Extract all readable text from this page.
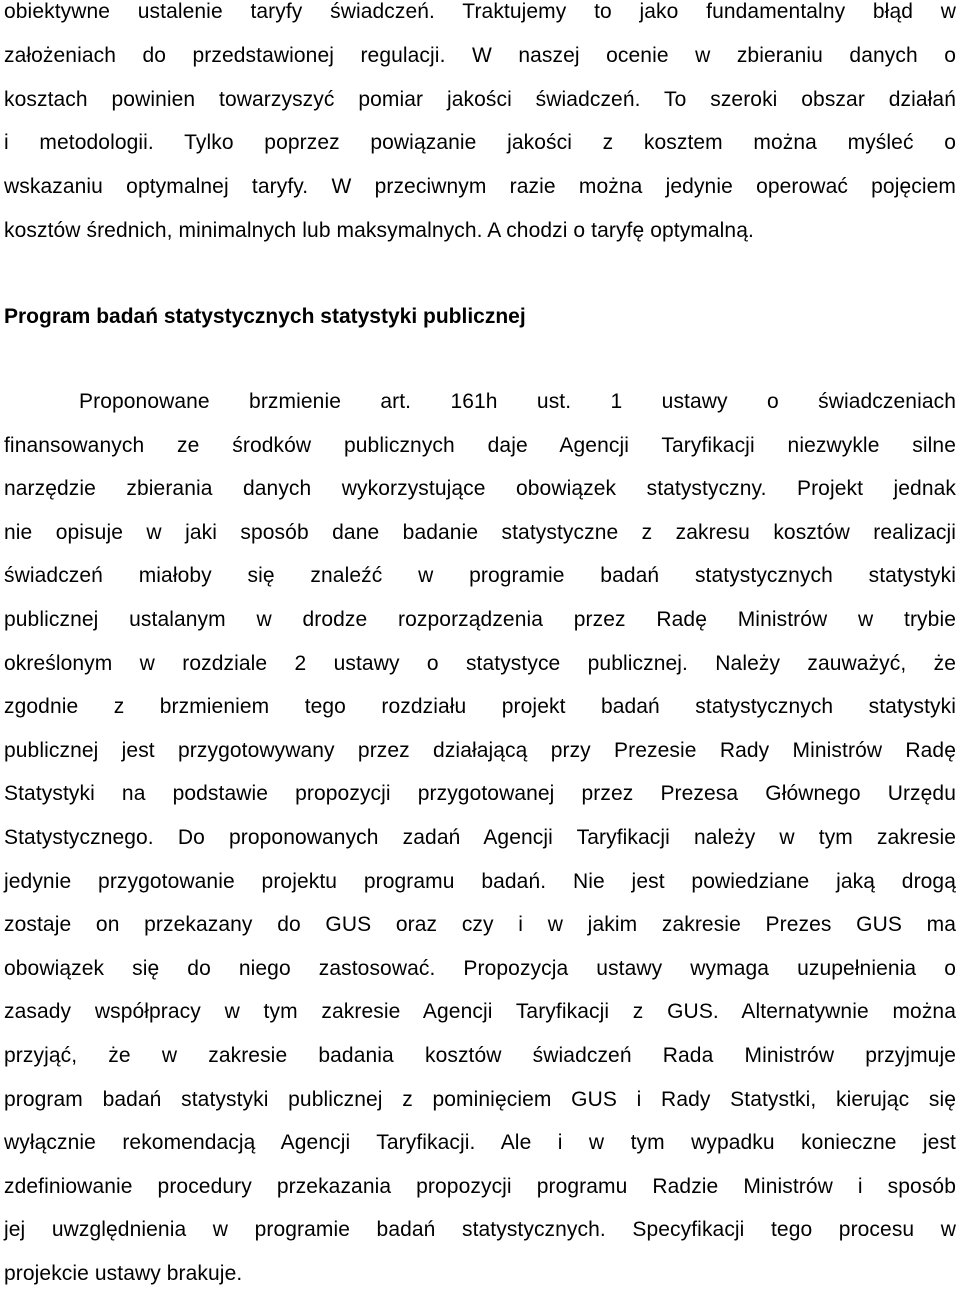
obiektywne ustalenie taryfy świadczeń. Traktujemy to jako fundamentalny błąd w
założeniach do przedstawionej regulacji. W naszej ocenie w zbieraniu danych o
kosztach powinien towarzyszyć pomiar jakości świadczeń. To szeroki obszar działań
i metodologii. Tylko poprzez powiązanie jakości z kosztem można myśleć o
wskazaniu optymalnej taryfy. W przeciwnym razie można jedynie operować pojęciem
kosztów średnich, minimalnych lub maksymalnych. A chodzi o taryfę optymalną.
Program badań statystycznych statystyki publicznej
Proponowane brzmienie art. 161h ust. 1 ustawy o świadczeniach
finansowanych ze środków publicznych daje Agencji Taryfikacji niezwykle silne
narzędzie zbierania danych wykorzystujące obowiązek statystyczny. Projekt jednak
nie opisuje w jaki sposób dane badanie statystyczne z zakresu kosztów realizacji
świadczeń miałoby się znaleźć w programie badań statystycznych statystyki
publicznej ustalanym w drodze rozporządzenia przez Radę Ministrów w trybie
określonym w rozdziale 2 ustawy o statystyce publicznej. Należy zauważyć, że
zgodnie z brzmieniem tego rozdziału projekt badań statystycznych statystyki
publicznej jest przygotowywany przez działającą przy Prezesie Rady Ministrów Radę
Statystyki na podstawie propozycji przygotowanej przez Prezesa Głównego Urzędu
Statystycznego. Do proponowanych zadań Agencji Taryfikacji należy w tym zakresie
jedynie przygotowanie projektu programu badań. Nie jest powiedziane jaką drogą
zostaje on przekazany do GUS oraz czy i w jakim zakresie Prezes GUS ma
obowiązek się do niego zastosować. Propozycja ustawy wymaga uzupełnienia o
zasady współpracy w tym zakresie Agencji Taryfikacji z GUS. Alternatywnie można
przyjąć, że w zakresie badania kosztów świadczeń Rada Ministrów przyjmuje
program badań statystyki publicznej z pominięciem GUS i Rady Statystki, kierując się
wyłącznie rekomendacją Agencji Taryfikacji. Ale i w tym wypadku konieczne jest
zdefiniowanie procedury przekazania propozycji programu Radzie Ministrów i sposób
jej uwzględnienia w programie badań statystycznych. Specyfikacji tego procesu w
projekcie ustawy brakuje.
